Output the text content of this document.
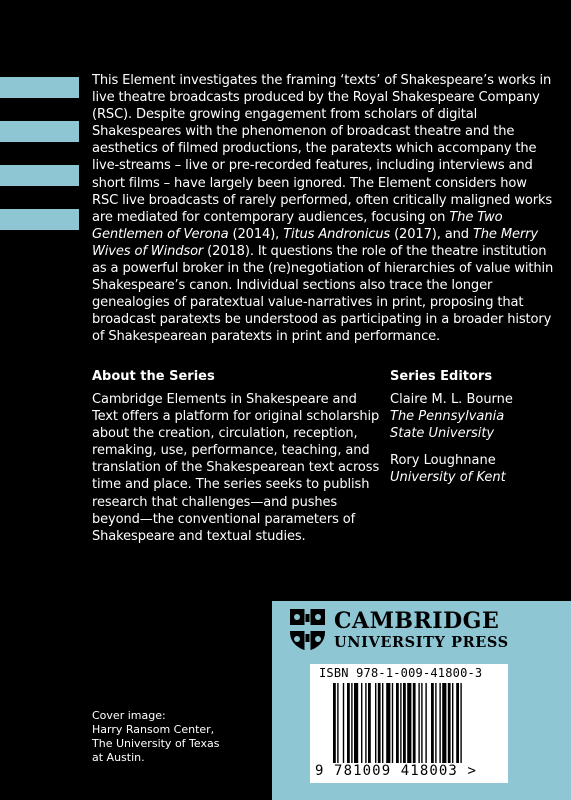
This Element investigates the framing ‘texts’ of Shakespeare’s works in live theatre broadcasts produced by the Royal Shakespeare Company (RSC). Despite growing engagement from scholars of digital Shakespeares with the phenomenon of broadcast theatre and the aesthetics of filmed productions, the paratexts which accompany the live-streams – live or pre-recorded features, including interviews and short films – have largely been ignored. The Element considers how RSC live broadcasts of rarely performed, often critically maligned works are mediated for contemporary audiences, focusing on The Two Gentlemen of Verona (2014), Titus Andronicus (2017), and The Merry Wives of Windsor (2018). It questions the role of the theatre institution as a powerful broker in the (re)negotiation of hierarchies of value within Shakespeare’s canon. Individual sections also trace the longer genealogies of paratextual value-narratives in print, proposing that broadcast paratexts be understood as participating in a broader history of Shakespearean paratexts in print and performance.

About the Series

Cambridge Elements in Shakespeare and Text offers a platform for original scholarship about the creation, circulation, reception, remaking, use, performance, teaching, and translation of the Shakespearean text across time and place. The series seeks to publish research that challenges—and pushes beyond—the conventional parameters of Shakespeare and textual studies.

Series Editors
Claire M. L. Bourne
The Pennsylvania
State University
Rory Loughnane
University of Kent
Cover image:
Harry Ransom Center,
The University of Texas
at Austin.
CAMBRIDGE
UNIVERSITY PRESS
ISBN 978-1-009-41800-3
9 781009 418003 >
